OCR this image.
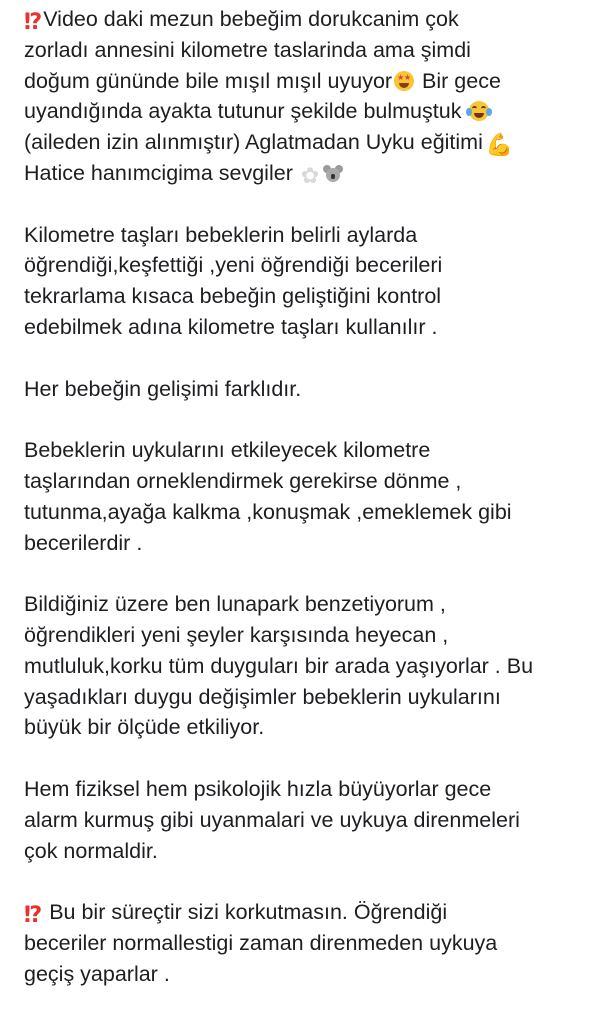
⁉ Video daki mezun bebeğim dorukcanim çok
zorladı annesini kilometre taslarinda ama şimdi
doğum gününde bile mışıl mışıl uyuyor★
★ Bir gece
uyandığında ayakta tutunur şekilde bulmuştuk
(aileden izin alınmıştır) Aglatmadan Uyku eğitimi 💪
Hatice hanımcigima sevgiler ✿
Kilometre taşları bebeklerin belirli aylarda
öğrendiği,keşfettiği ,yeni öğrendiği becerileri
tekrarlama kısaca bebeğin geliştiğini kontrol
edebilmek adına kilometre taşları kullanılır .
Her bebeğin gelişimi farklıdır.
Bebeklerin uykularını etkileyecek kilometre
taşlarından orneklendirmek gerekirse dönme ,
tutunma,ayağa kalkma ,konuşmak ,emeklemek gibi
becerilerdir .
Bildiğiniz üzere ben lunapark benzetiyorum ,
öğrendikleri yeni şeyler karşısında heyecan ,
mutluluk,korku tüm duyguları bir arada yaşıyorlar . Bu
yaşadıkları duygu değişimler bebeklerin uykularını
büyük bir ölçüde etkiliyor.
Hem fiziksel hem psikolojik hızla büyüyorlar gece
alarm kurmuş gibi uyanmalari ve uykuya direnmeleri
çok normaldir.
⁉ Bu bir süreçtir sizi korkutmasın. Öğrendiği
beceriler normallestigi zaman direnmeden uykuya
geçiş yaparlar .
